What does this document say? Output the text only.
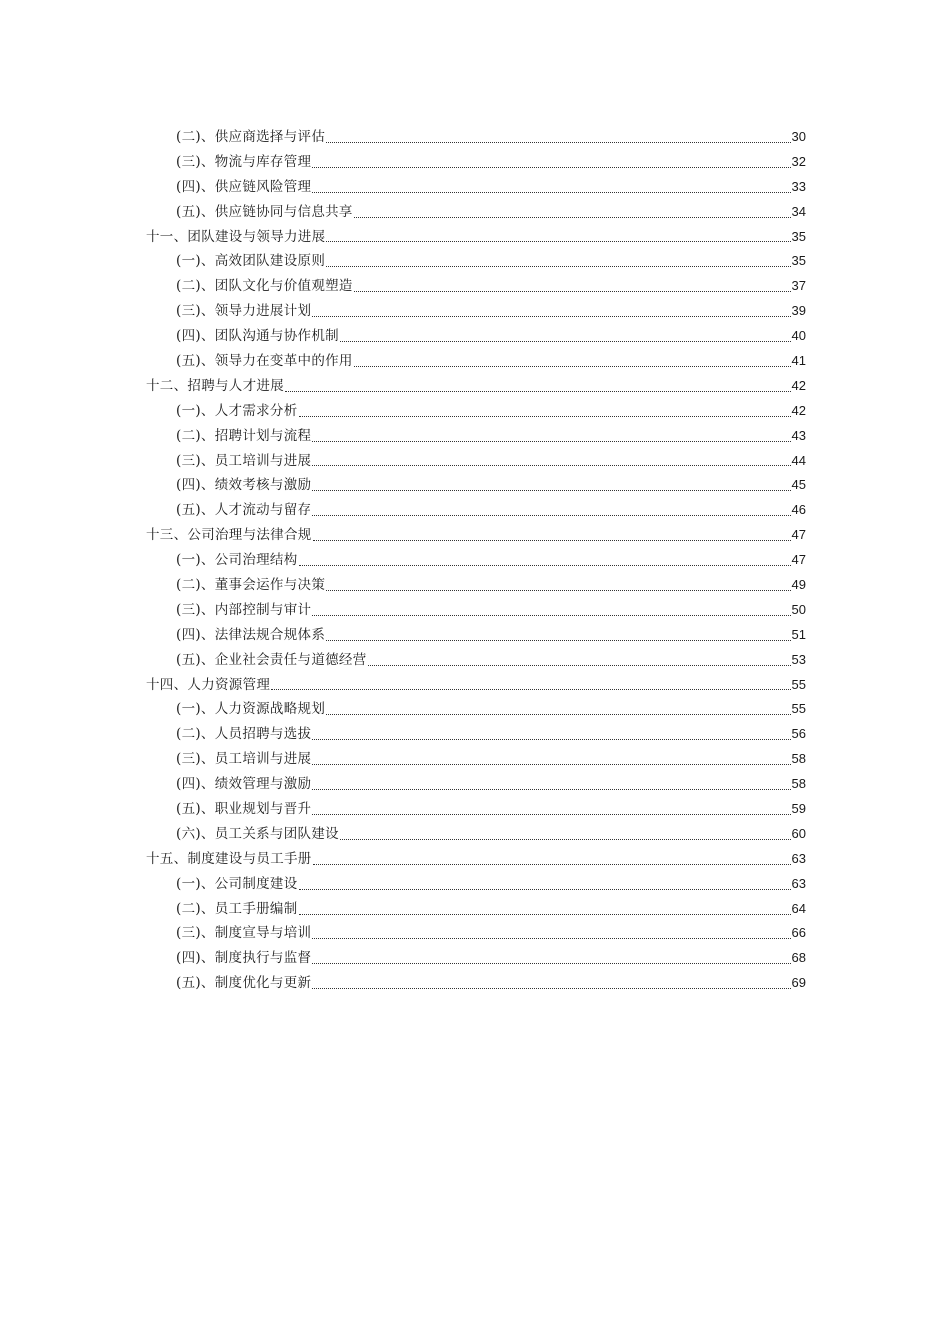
(二)、供应商选择与评估	30
(三)、物流与库存管理	32
(四)、供应链风险管理	33
(五)、供应链协同与信息共享	34
十一、团队建设与领导力进展	35
(一)、高效团队建设原则	35
(二)、团队文化与价值观塑造	37
(三)、领导力进展计划	39
(四)、团队沟通与协作机制	40
(五)、领导力在变革中的作用	41
十二、招聘与人才进展	42
(一)、人才需求分析	42
(二)、招聘计划与流程	43
(三)、员工培训与进展	44
(四)、绩效考核与激励	45
(五)、人才流动与留存	46
十三、公司治理与法律合规	47
(一)、公司治理结构	47
(二)、董事会运作与决策	49
(三)、内部控制与审计	50
(四)、法律法规合规体系	51
(五)、企业社会责任与道德经营	53
十四、人力资源管理	55
(一)、人力资源战略规划	55
(二)、人员招聘与选拔	56
(三)、员工培训与进展	58
(四)、绩效管理与激励	58
(五)、职业规划与晋升	59
(六)、员工关系与团队建设	60
十五、制度建设与员工手册	63
(一)、公司制度建设	63
(二)、员工手册编制	64
(三)、制度宣导与培训	66
(四)、制度执行与监督	68
(五)、制度优化与更新	69
